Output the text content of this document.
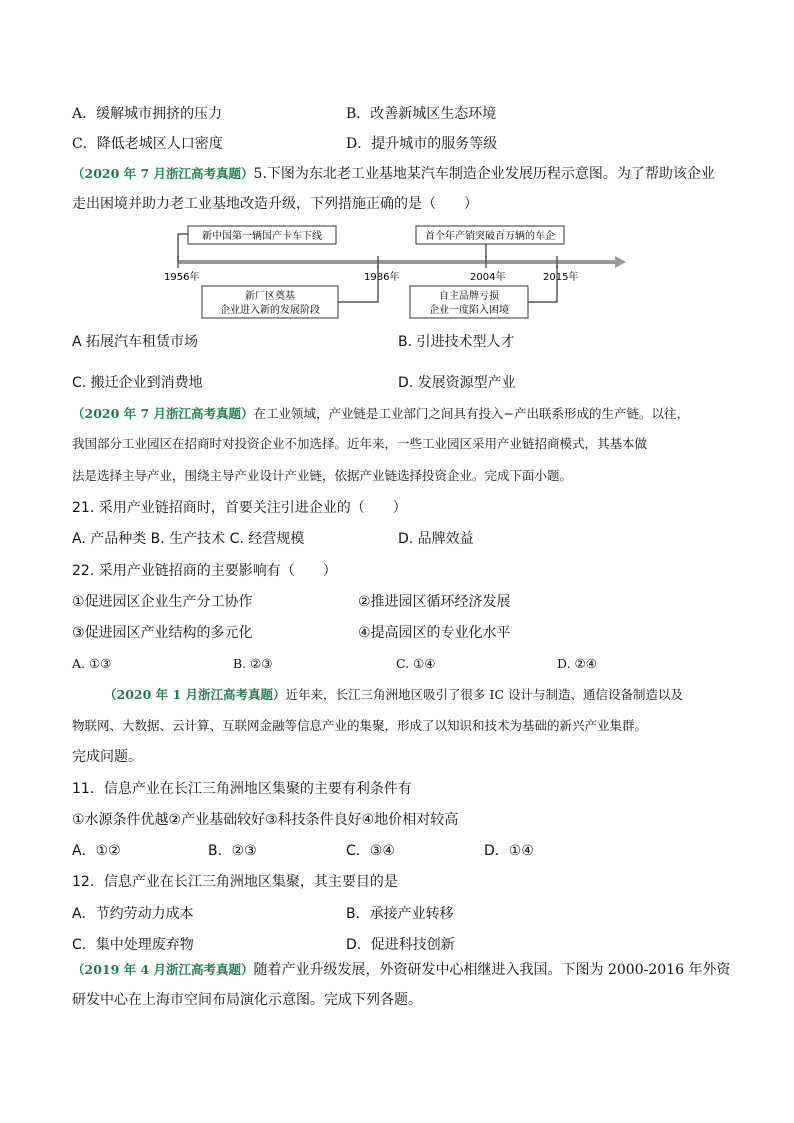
A．缓解城市拥挤的压力	B．改善新城区生态环境
C．降低老城区人口密度	D．提升城市的服务等级
（2020 年 7 月浙江高考真题）5.下图为东北老工业基地某汽车制造企业发展历程示意图。为了帮助该企业
走出困境并助力老工业基地改造升级，下列措施正确的是（　　）
1956年	1986年	2004年	2015年
新中国第一辆国产卡车下线	首个年产销突破百万辆的车企
新厂区奠基
企业进入新的发展阶段
自主品牌亏损
企业一度陷入困境
A 拓展汽车租赁市场	B. 引进技术型人才
C. 搬迁企业到消费地	D. 发展资源型产业
（2020 年 7 月浙江高考真题）在工业领域，产业链是工业部门之间具有投入−产出联系形成的生产链。以往，
我国部分工业园区在招商时对投资企业不加选择。近年来，一些工业园区采用产业链招商模式，其基本做
法是选择主导产业，围绕主导产业设计产业链，依据产业链选择投资企业。完成下面小题。
21. 采用产业链招商时，首要关注引进企业的（　　）
A. 产品种类 B. 生产技术 C. 经营规模	D. 品牌效益
22. 采用产业链招商的主要影响有（　　）
①促进园区企业生产分工协作	②推进园区循环经济发展
③促进园区产业结构的多元化	④提高园区的专业化水平
A. ①③	B. ②③	C. ①④	D. ②④
（2020 年 1 月浙江高考真题）近年来，长江三角洲地区吸引了很多 IC 设计与制造、通信设备制造以及
物联网、大数据、云计算、互联网金融等信息产业的集聚，形成了以知识和技术为基础的新兴产业集群。
完成问题。
11．信息产业在长江三角洲地区集聚的主要有利条件有
①水源条件优越②产业基础较好③科技条件良好④地价相对较高
A．①②	B．②③	C．③④	D．①④
12．信息产业在长江三角洲地区集聚，其主要目的是
A．节约劳动力成本	B．承接产业转移
C．集中处理废弃物	D．促进科技创新
（2019 年 4 月浙江高考真题）随着产业升级发展，外资研发中心相继进入我国。下图为 2000-2016 年外资
研发中心在上海市空间布局演化示意图。完成下列各题。
